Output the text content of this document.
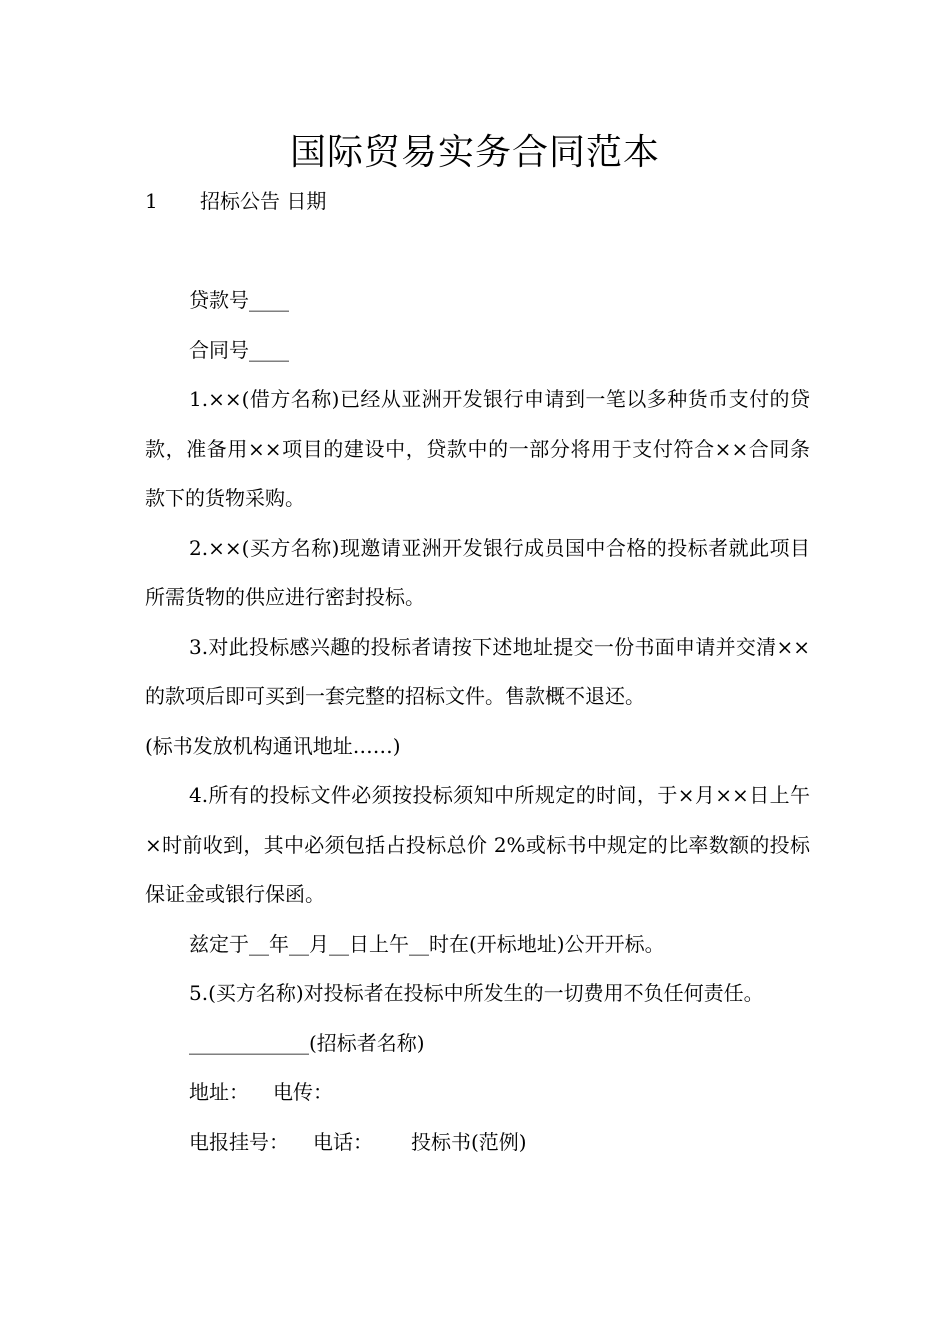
国际贸易实务合同范本
1 招标公告 日期

贷款号____

合同号____

1.××(借方名称)已经从亚洲开发银行申请到一笔以多种货币支付的贷款，准备用××项目的建设中，贷款中的一部分将用于支付符合××合同条款下的货物采购。

2.××(买方名称)现邀请亚洲开发银行成员国中合格的投标者就此项目所需货物的供应进行密封投标。

3.对此投标感兴趣的投标者请按下述地址提交一份书面申请并交清××的款项后即可买到一套完整的招标文件。售款概不退还。

(标书发放机构通讯地址……)

4.所有的投标文件必须按投标须知中所规定的时间，于×月××日上午×时前收到，其中必须包括占投标总价 2%或标书中规定的比率数额的投标保证金或银行保函。

兹定于__年__月__日上午__时在(开标地址)公开开标。

5.(买方名称)对投标者在投标中所发生的一切费用不负任何责任。

____________(招标者名称)

地址： 电传：

电报挂号： 电话： 投标书(范例)
